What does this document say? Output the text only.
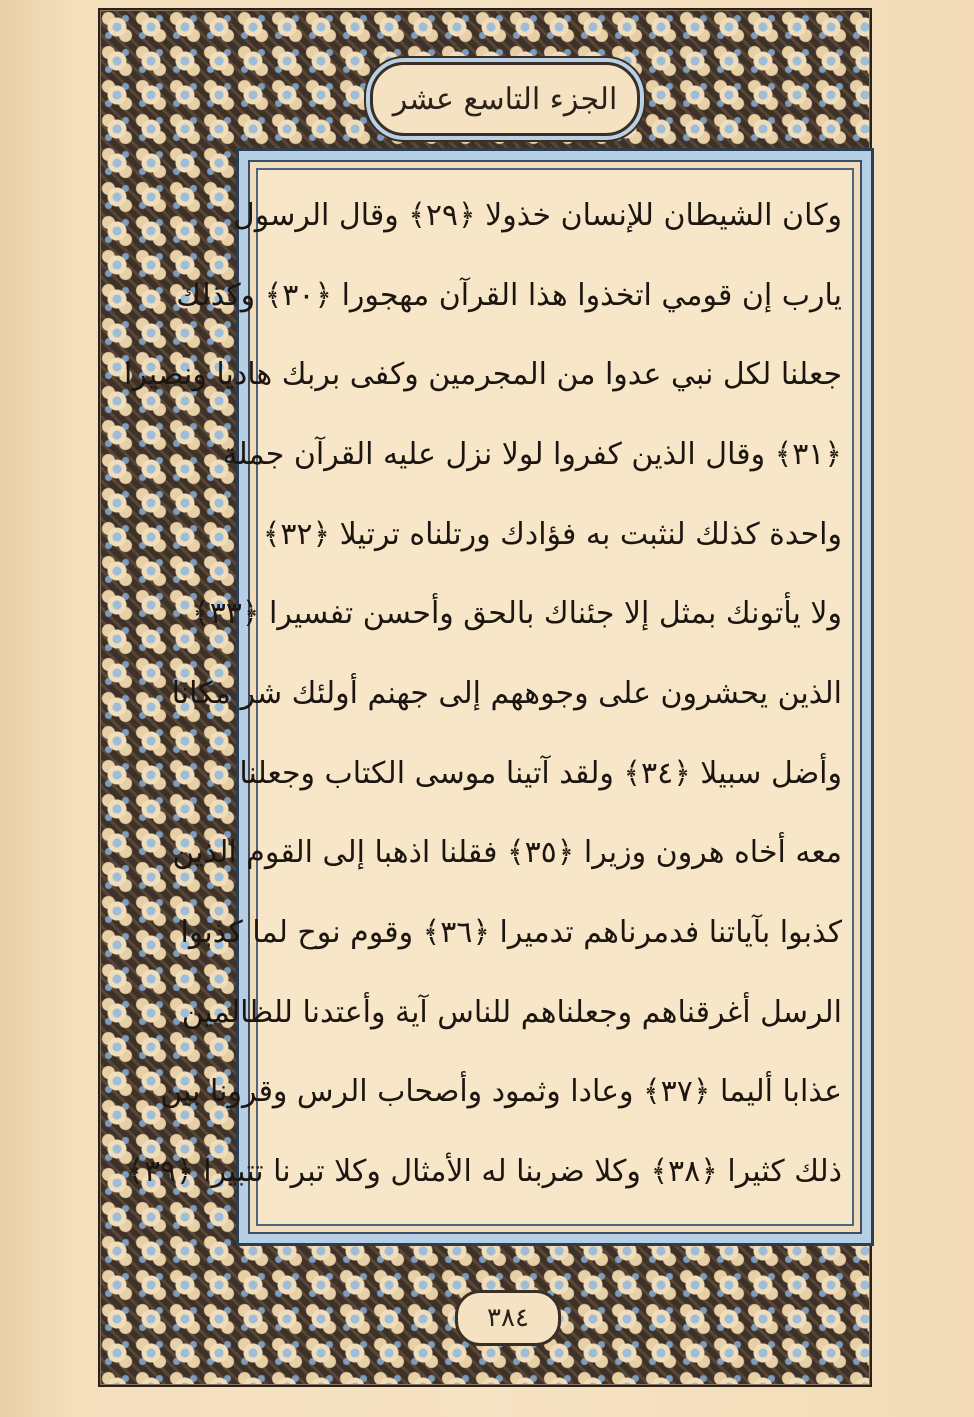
الجزء التاسع عشر
وكان الشيطان للإنسان خذولا ﴿٢٩﴾ وقال الرسول
يارب إن قومي اتخذوا هذا القرآن مهجورا ﴿٣٠﴾ وكذلك
جعلنا لكل نبي عدوا من المجرمين وكفى بربك هاديا ونصيرا
﴿٣١﴾ وقال الذين كفروا لولا نزل عليه القرآن جملة
واحدة كذلك لنثبت به فؤادك ورتلناه ترتيلا ﴿٣٢﴾
ولا يأتونك بمثل إلا جئناك بالحق وأحسن تفسيرا ﴿٣٣﴾
الذين يحشرون على وجوههم إلى جهنم أولئك شر مكانا
وأضل سبيلا ﴿٣٤﴾ ولقد آتينا موسى الكتاب وجعلنا
معه أخاه هرون وزيرا ﴿٣٥﴾ فقلنا اذهبا إلى القوم الذين
كذبوا بآياتنا فدمرناهم تدميرا ﴿٣٦﴾ وقوم نوح لما كذبوا
الرسل أغرقناهم وجعلناهم للناس آية وأعتدنا للظالمين
عذابا أليما ﴿٣٧﴾ وعادا وثمود وأصحاب الرس وقرونا بين
ذلك كثيرا ﴿٣٨﴾ وكلا ضربنا له الأمثال وكلا تبرنا تتبيرا ﴿٣٩﴾
٣٨٤
